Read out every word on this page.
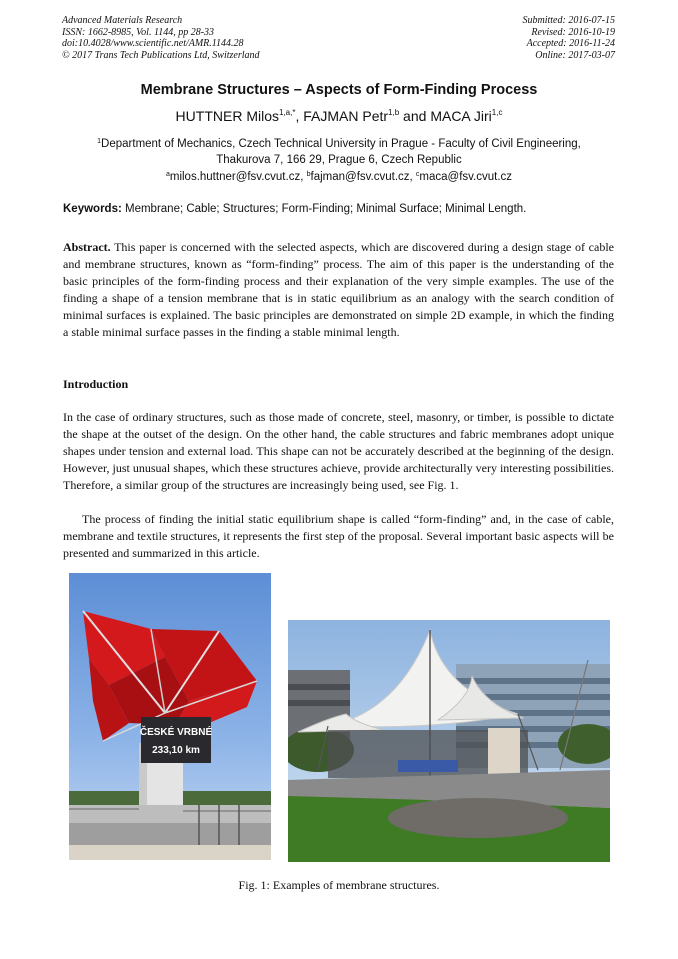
Advanced Materials Research
ISSN: 1662-8985, Vol. 1144, pp 28-33
doi:10.4028/www.scientific.net/AMR.1144.28
© 2017 Trans Tech Publications Ltd, Switzerland
Submitted: 2016-07-15
Revised: 2016-10-19
Accepted: 2016-11-24
Online: 2017-03-07
Membrane Structures – Aspects of Form-Finding Process
HUTTNER Milos$^{1,a,*}$, FAJMAN Petr$^{1,b}$ and MACA Jiri$^{1,c}$
$^1$Department of Mechanics, Czech Technical University in Prague - Faculty of Civil Engineering,
Thakurova 7, 166 29, Prague 6, Czech Republic
$^a$milos.huttner@fsv.cvut.cz, $^b$fajman@fsv.cvut.cz, $^c$maca@fsv.cvut.cz
Keywords: Membrane; Cable; Structures; Form-Finding; Minimal Surface; Minimal Length.
Abstract. This paper is concerned with the selected aspects, which are discovered during a design stage of cable and membrane structures, known as “form-finding” process. The aim of this paper is the understanding of the basic principles of the form-finding process and their explanation of the very simple examples. The use of the finding a shape of a tension membrane that is in static equilibrium as an analogy with the search condition of minimal surfaces is explained. The basic principles are demonstrated on simple 2D example, in which the finding a stable minimal surface passes in the finding a stable minimal length.
Introduction
In the case of ordinary structures, such as those made of concrete, steel, masonry, or timber, is possible to dictate the shape at the outset of the design. On the other hand, the cable structures and fabric membranes adopt unique shapes under tension and external load. This shape can not be accurately described at the beginning of the design. However, just unusual shapes, which these structures achieve, provide architecturally very interesting possibilities. Therefore, a similar group of the structures are increasingly being used, see Fig. 1.
The process of finding the initial static equilibrium shape is called “form-finding” and, in the case of cable, membrane and textile structures, it represents the first step of the proposal. Several important basic aspects will be presented and summarized in this article.
ČESKÉ VRBNÉ
233,10 km
Fig. 1: Examples of membrane structures.
